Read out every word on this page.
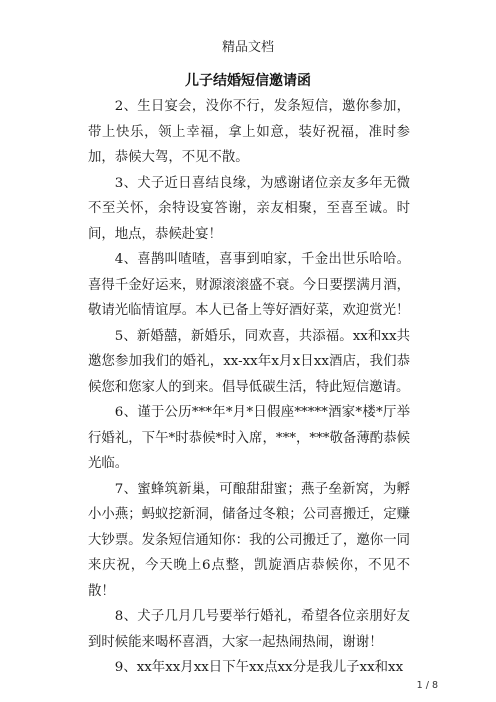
精品文档
儿子结婚短信邀请函

2、生日宴会，没你不行，发条短信，邀你参加，带上快乐，领上幸福，拿上如意，装好祝福，准时参加，恭候大驾，不见不散。

3、犬子近日喜结良缘，为感谢诸位亲友多年无微不至关怀，余特设宴答谢，亲友相聚，至喜至诚。时间，地点，恭候赴宴！

4、喜鹊叫喳喳，喜事到咱家，千金出世乐哈哈。喜得千金好运来，财源滚滚盛不衰。今日要摆满月酒，敬请光临情谊厚。本人已备上等好酒好菜，欢迎赏光！

5、新婚囍，新婚乐，同欢喜，共添福。xx和xx共邀您参加我们的婚礼，xx-xx年x月x日xx酒店，我们恭候您和您家人的到来。倡导低碳生活，特此短信邀请。

6、谨于公历***年*月*日假座*****酒家*楼*厅举行婚礼，下午*时恭候*时入席，***，***敬备薄酌恭候光临。

7、蜜蜂筑新巢，可酿甜甜蜜；燕子垒新窝，为孵小小燕；蚂蚁挖新洞，储备过冬粮；公司喜搬迁，定赚大钞票。发条短信通知你：我的公司搬迁了，邀你一同来庆祝，今天晚上6点整，凯旋酒店恭候你，不见不散！

8、犬子几月几号要举行婚礼，希望各位亲朋好友到时候能来喝杯喜酒，大家一起热闹热闹，谢谢！

9、xx年xx月xx日下午xx点xx分是我儿子xx和xx

1 / 8
